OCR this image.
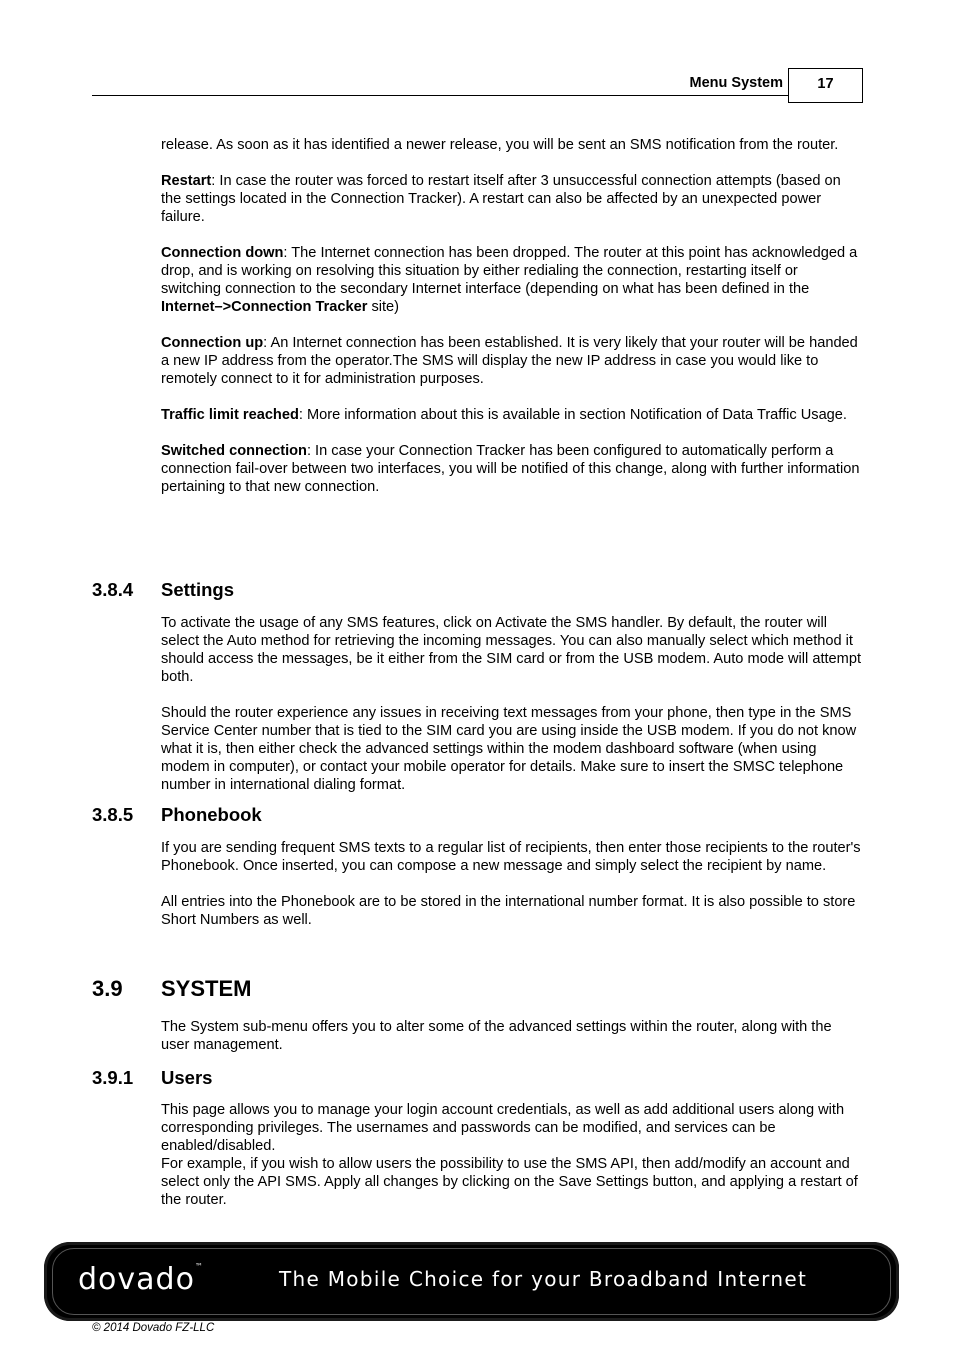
Menu System 17

release. As soon as it has identified a newer release, you will be sent an SMS notification from the router.

Restart: In case the router was forced to restart itself after 3 unsuccessful connection attempts (based on the settings located in the Connection Tracker). A restart can also be affected by an unexpected power failure.

Connection down: The Internet connection has been dropped. The router at this point has acknowledged a drop, and is working on resolving this situation by either redialing the connection, restarting itself or switching connection to the secondary Internet interface (depending on what has been defined in the Internet–>Connection Tracker site)

Connection up: An Internet connection has been established. It is very likely that your router will be handed a new IP address from the operator.The SMS will display the new IP address in case you would like to remotely connect to it for administration purposes.

Traffic limit reached: More information about this is available in section Notification of Data Traffic Usage.

Switched connection: In case your Connection Tracker has been configured to automatically perform a connection fail-over between two interfaces, you will be notified of this change, along with further information pertaining to that new connection.

3.8.4 Settings

To activate the usage of any SMS features, click on Activate the SMS handler. By default, the router will select the Auto method for retrieving the incoming messages. You can also manually select which method it should access the messages, be it either from the SIM card or from the USB modem. Auto mode will attempt both.

Should the router experience any issues in receiving text messages from your phone, then type in the SMS Service Center number that is tied to the SIM card you are using inside the USB modem. If you do not know what it is, then either check the advanced settings within the modem dashboard software (when using modem in computer), or contact your mobile operator for details. Make sure to insert the SMSC telephone number in international dialing format.

3.8.5 Phonebook

If you are sending frequent SMS texts to a regular list of recipients, then enter those recipients to the router's Phonebook. Once inserted, you can compose a new message and simply select the recipient by name.

All entries into the Phonebook are to be stored in the international number format. It is also possible to store Short Numbers as well.

3.9 SYSTEM

The System sub-menu offers you to alter some of the advanced settings within the router, along with the user management.

3.9.1 Users

This page allows you to manage your login account credentials, as well as add additional users along with corresponding privileges. The usernames and passwords can be modified, and services can be enabled/disabled.

For example, if you wish to allow users the possibility to use the SMS API, then add/modify an account and select only the API SMS. Apply all changes by clicking on the Save Settings button, and applying a restart of the router.

dovado™
The Mobile Choice for your Broadband Internet
© 2014 Dovado FZ-LLC
